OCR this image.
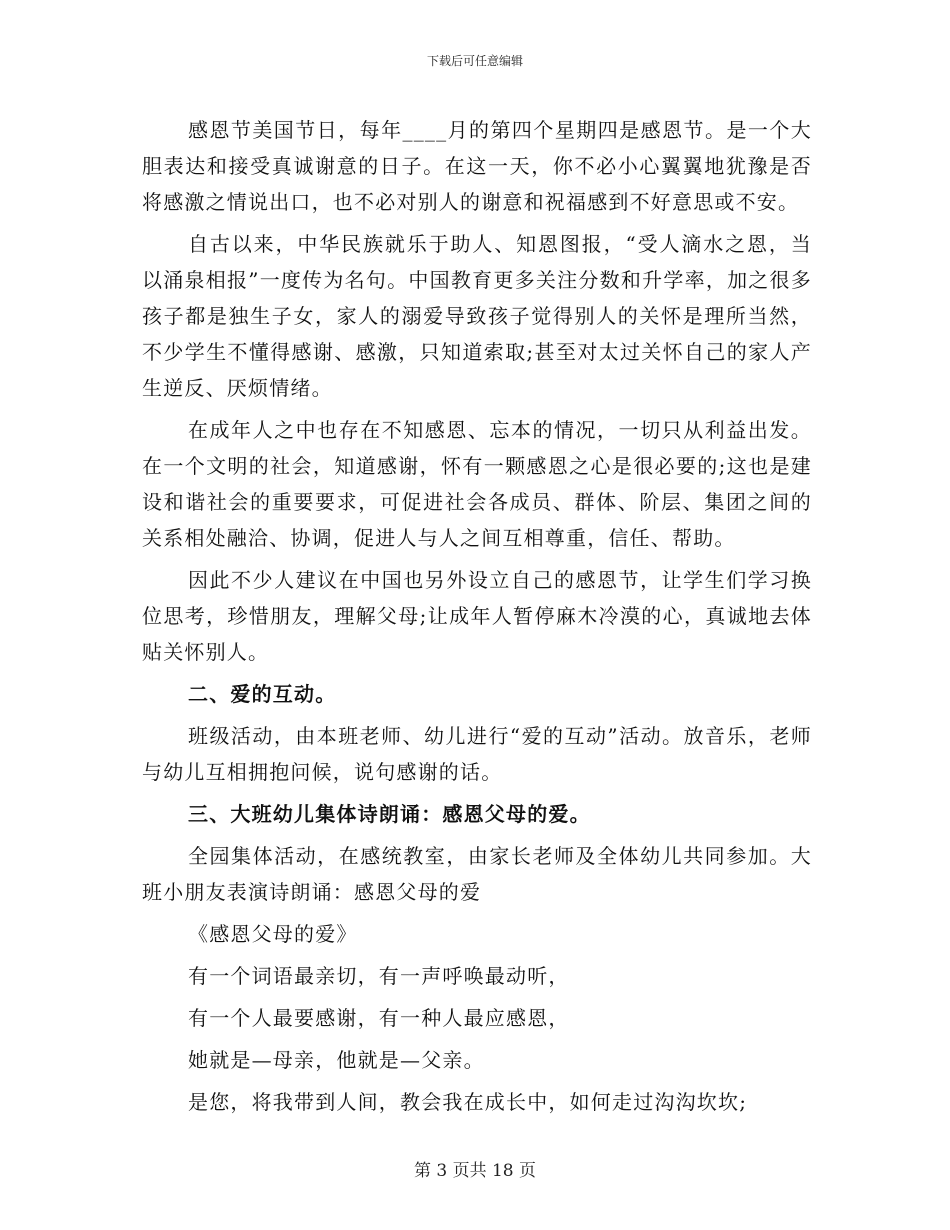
下载后可任意编辑

感恩节美国节日，每年____月的第四个星期四是感恩节。是一个大胆表达和接受真诚谢意的日子。在这一天，你不必小心翼翼地犹豫是否将感激之情说出口，也不必对别人的谢意和祝福感到不好意思或不安。

自古以来，中华民族就乐于助人、知恩图报，“受人滴水之恩，当以涌泉相报”一度传为名句。中国教育更多关注分数和升学率，加之很多孩子都是独生子女，家人的溺爱导致孩子觉得别人的关怀是理所当然，不少学生不懂得感谢、感激，只知道索取;甚至对太过关怀自己的家人产生逆反、厌烦情绪。

在成年人之中也存在不知感恩、忘本的情况，一切只从利益出发。在一个文明的社会，知道感谢，怀有一颗感恩之心是很必要的;这也是建设和谐社会的重要要求，可促进社会各成员、群体、阶层、集团之间的关系相处融洽、协调，促进人与人之间互相尊重，信任、帮助。

因此不少人建议在中国也另外设立自己的感恩节，让学生们学习换位思考，珍惜朋友，理解父母;让成年人暂停麻木冷漠的心，真诚地去体贴关怀别人。

二、爱的互动。

班级活动，由本班老师、幼儿进行“爱的互动”活动。放音乐，老师与幼儿互相拥抱问候，说句感谢的话。

三、大班幼儿集体诗朗诵：感恩父母的爱。

全园集体活动，在感统教室，由家长老师及全体幼儿共同参加。大班小朋友表演诗朗诵：感恩父母的爱

《感恩父母的爱》

有一个词语最亲切，有一声呼唤最动听，

有一个人最要感谢，有一种人最应感恩，

她就是—母亲，他就是—父亲。

是您，将我带到人间，教会我在成长中，如何走过沟沟坎坎;

第 3 页共 18 页
